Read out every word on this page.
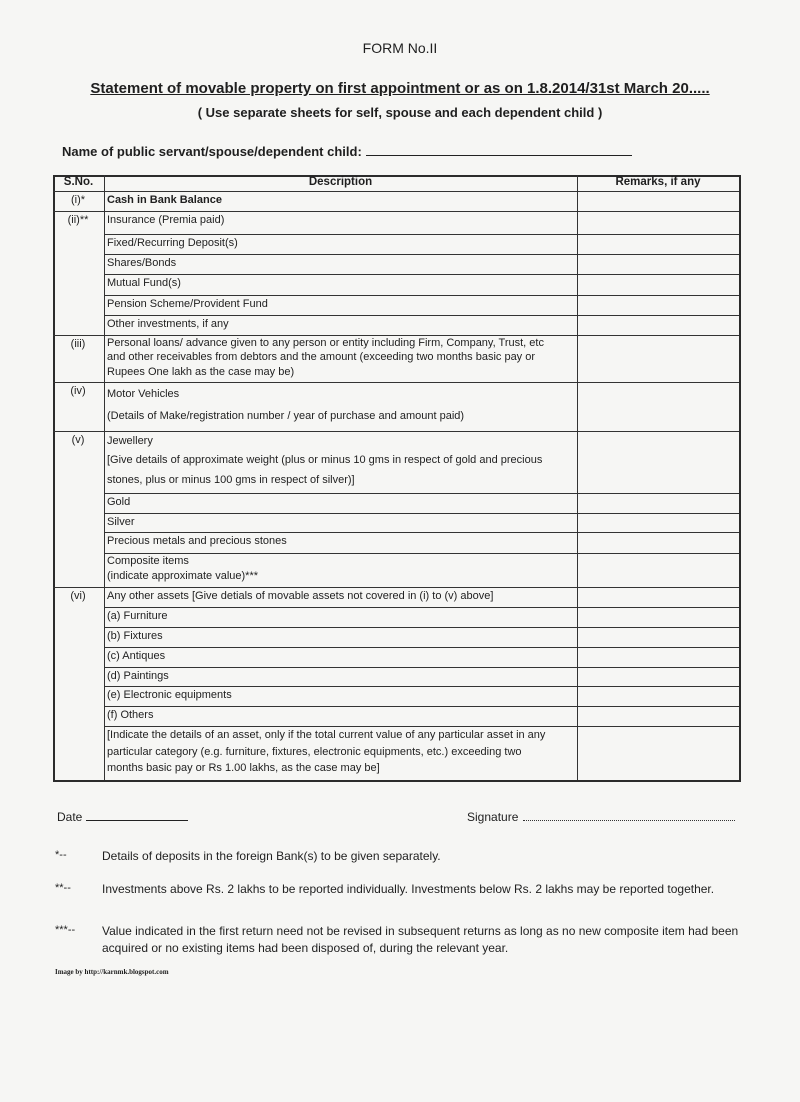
FORM No.II
Statement of movable property on first appointment or as on 1.8.2014/31st March 20.....
( Use separate sheets for self, spouse and each dependent child )
Name of public servant/spouse/dependent child:
S.No.	Description	Remarks, if any
(i)*	Cash in Bank Balance
(ii)**	Insurance (Premia paid)
Fixed/Recurring Deposit(s)
Shares/Bonds
Mutual Fund(s)
Pension Scheme/Provident Fund
Other investments, if any
(iii)	Personal loans/ advance given to any person or entity including Firm, Company, Trust, etc
and other receivables from debtors and the amount (exceeding two months basic pay or
Rupees One lakh as the case may be)
(iv)	Motor Vehicles
(Details of Make/registration number / year of purchase and amount paid)
(v)	Jewellery
[Give details of approximate weight (plus or minus 10 gms in respect of gold and precious
stones, plus or minus 100 gms in respect of silver)]
Gold
Silver
Precious metals and precious stones
Composite items
(indicate approximate value)***
(vi)	Any other assets [Give detials of movable assets not covered in (i) to (v) above]
(a) Furniture
(b) Fixtures
(c) Antiques
(d) Paintings
(e) Electronic equipments
(f) Others
[Indicate the details of an asset, only if the total current value of any particular asset in any
particular category (e.g. furniture, fixtures, electronic equipments, etc.) exceeding two
months basic pay or Rs 1.00 lakhs, as the case may be]
Date	Signature
*--	Details of deposits in the foreign Bank(s) to be given separately.
**--	Investments above Rs. 2 lakhs to be reported individually. Investments below Rs. 2 lakhs may be reported together.
***-- Value indicated in the first return need not be revised in subsequent returns as long as no new composite item had been
acquired or no existing items had been disposed of, during the relevant year.
Image by http://karnmk.blogspot.com
